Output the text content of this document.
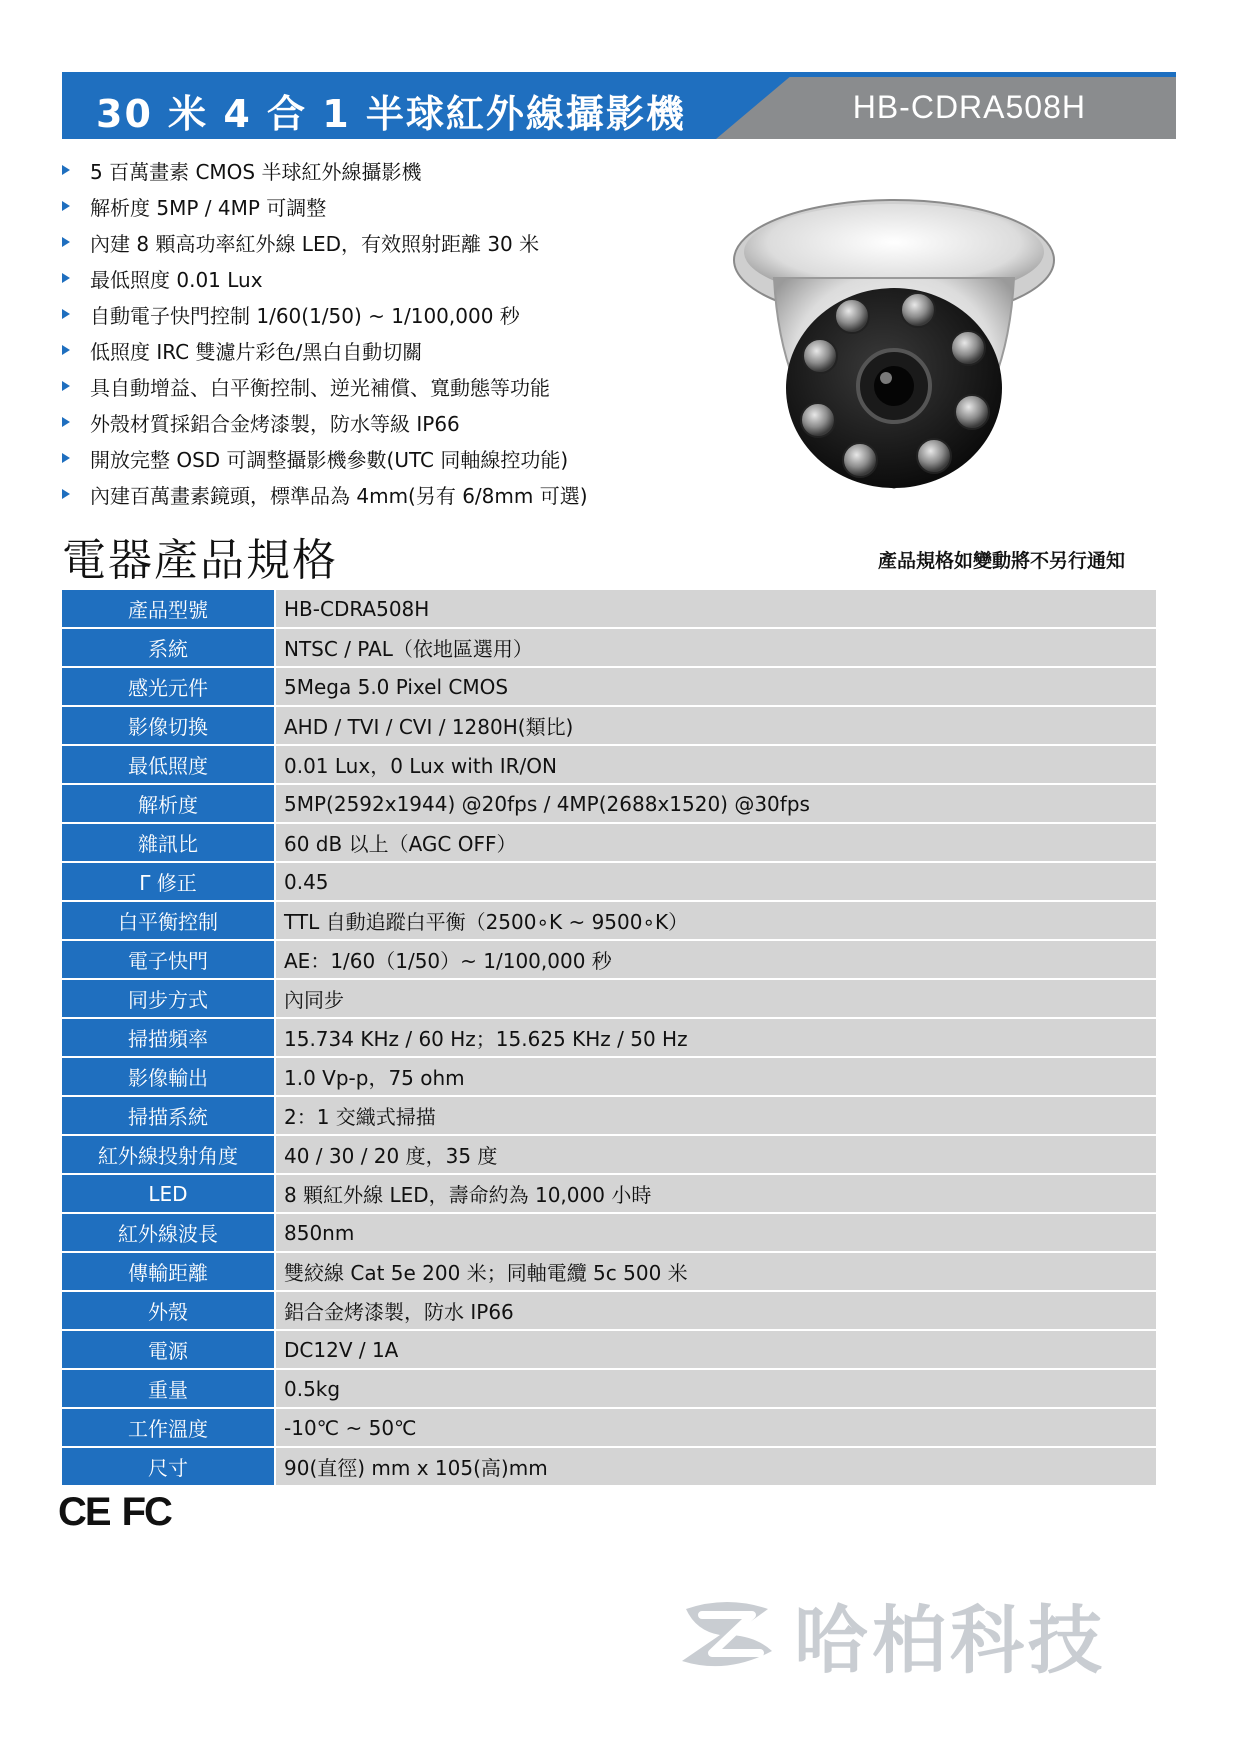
30 米 4 合 1 半球紅外線攝影機	HB-CDRA508H
5 百萬畫素 CMOS 半球紅外線攝影機
解析度 5MP / 4MP 可調整
內建 8 顆高功率紅外線 LED，有效照射距離 30 米
最低照度 0.01 Lux
自動電子快門控制 1/60(1/50) ~ 1/100,000 秒
低照度 IRC 雙濾片彩色/黑白自動切關
具自動增益、白平衡控制、逆光補償、寬動態等功能
外殼材質採鋁合金烤漆製，防水等級 IP66
開放完整 OSD 可調整攝影機參數(UTC 同軸線控功能)
內建百萬畫素鏡頭，標準品為 4mm(另有 6/8mm 可選)
電器產品規格	產品規格如變動將不另行通知
產品型號	HB-CDRA508H
系統	NTSC / PAL（依地區選用）
感光元件	5Mega 5.0 Pixel CMOS
影像切換	AHD / TVI / CVI / 1280H(類比)
最低照度	0.01 Lux，0 Lux with IR/ON
解析度	5MP(2592x1944) @20fps / 4MP(2688x1520) @30fps
雜訊比	60 dB 以上（AGC OFF）
Γ 修正	0.45
白平衡控制	TTL 自動追蹤白平衡（2500∘K ~ 9500∘K）
電子快門	AE：1/60（1/50）~ 1/100,000 秒
同步方式	內同步
掃描頻率	15.734 KHz / 60 Hz；15.625 KHz / 50 Hz
影像輸出	1.0 Vp-p，75 ohm
掃描系統	2：1 交織式掃描
紅外線投射角度	40 / 30 / 20 度，35 度
LED	8 顆紅外線 LED，壽命約為 10,000 小時
紅外線波長	850nm
傳輸距離	雙絞線 Cat 5e 200 米；同軸電纜 5c 500 米
外殼	鋁合金烤漆製，防水 IP66
電源	DC12V / 1A
重量	0.5kg
工作溫度	-10℃ ~ 50℃
尺寸	90(直徑) mm x 105(高)mm
CE FC
哈柏科技
